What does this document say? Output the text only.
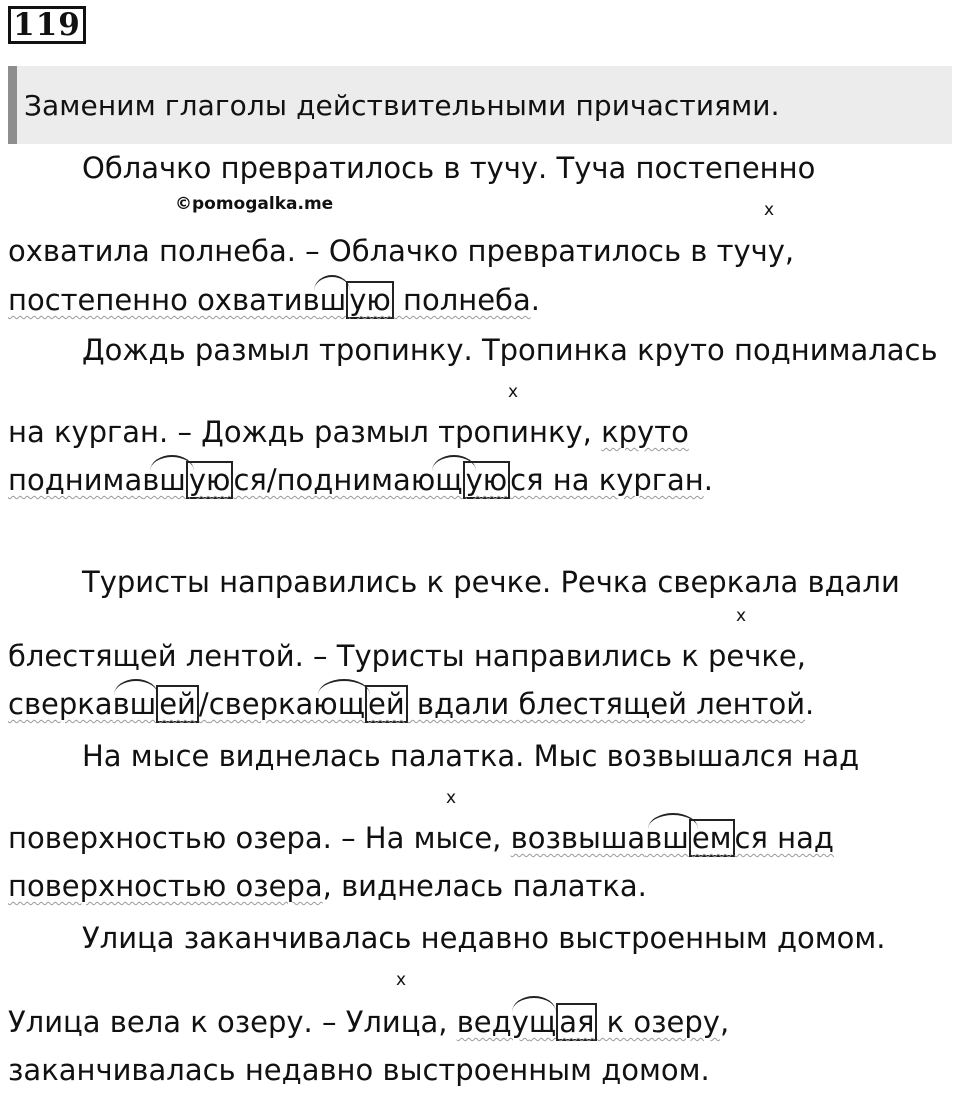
119
Заменим глаголы действительными причастиями.
©pomogalka.me
Облачко превратилось в тучу. Туча постепенно
x
охватила полнеба. – Облачко превратилось в тучу,
постепенно охвативш ую полнеба.
Дождь размыл тропинку. Тропинка круто поднималась
x
на курган. – Дождь размыл тропинку, круто
поднимавш ую ся/поднимающ ую ся на курган.
Туристы направились к речке. Речка сверкала вдали
x
блестящей лентой. – Туристы направились к речке,
сверкавш ей /сверкающ ей вдали блестящей лентой.
На мысе виднелась палатка. Мыс возвышался над
x
поверхностью озера. – На мысе, возвышавш ем ся над
поверхностью озера, виднелась палатка.
Улица заканчивалась недавно выстроенным домом.
x
Улица вела к озеру. – Улица, ведущ ая к озеру,
заканчивалась недавно выстроенным домом.
